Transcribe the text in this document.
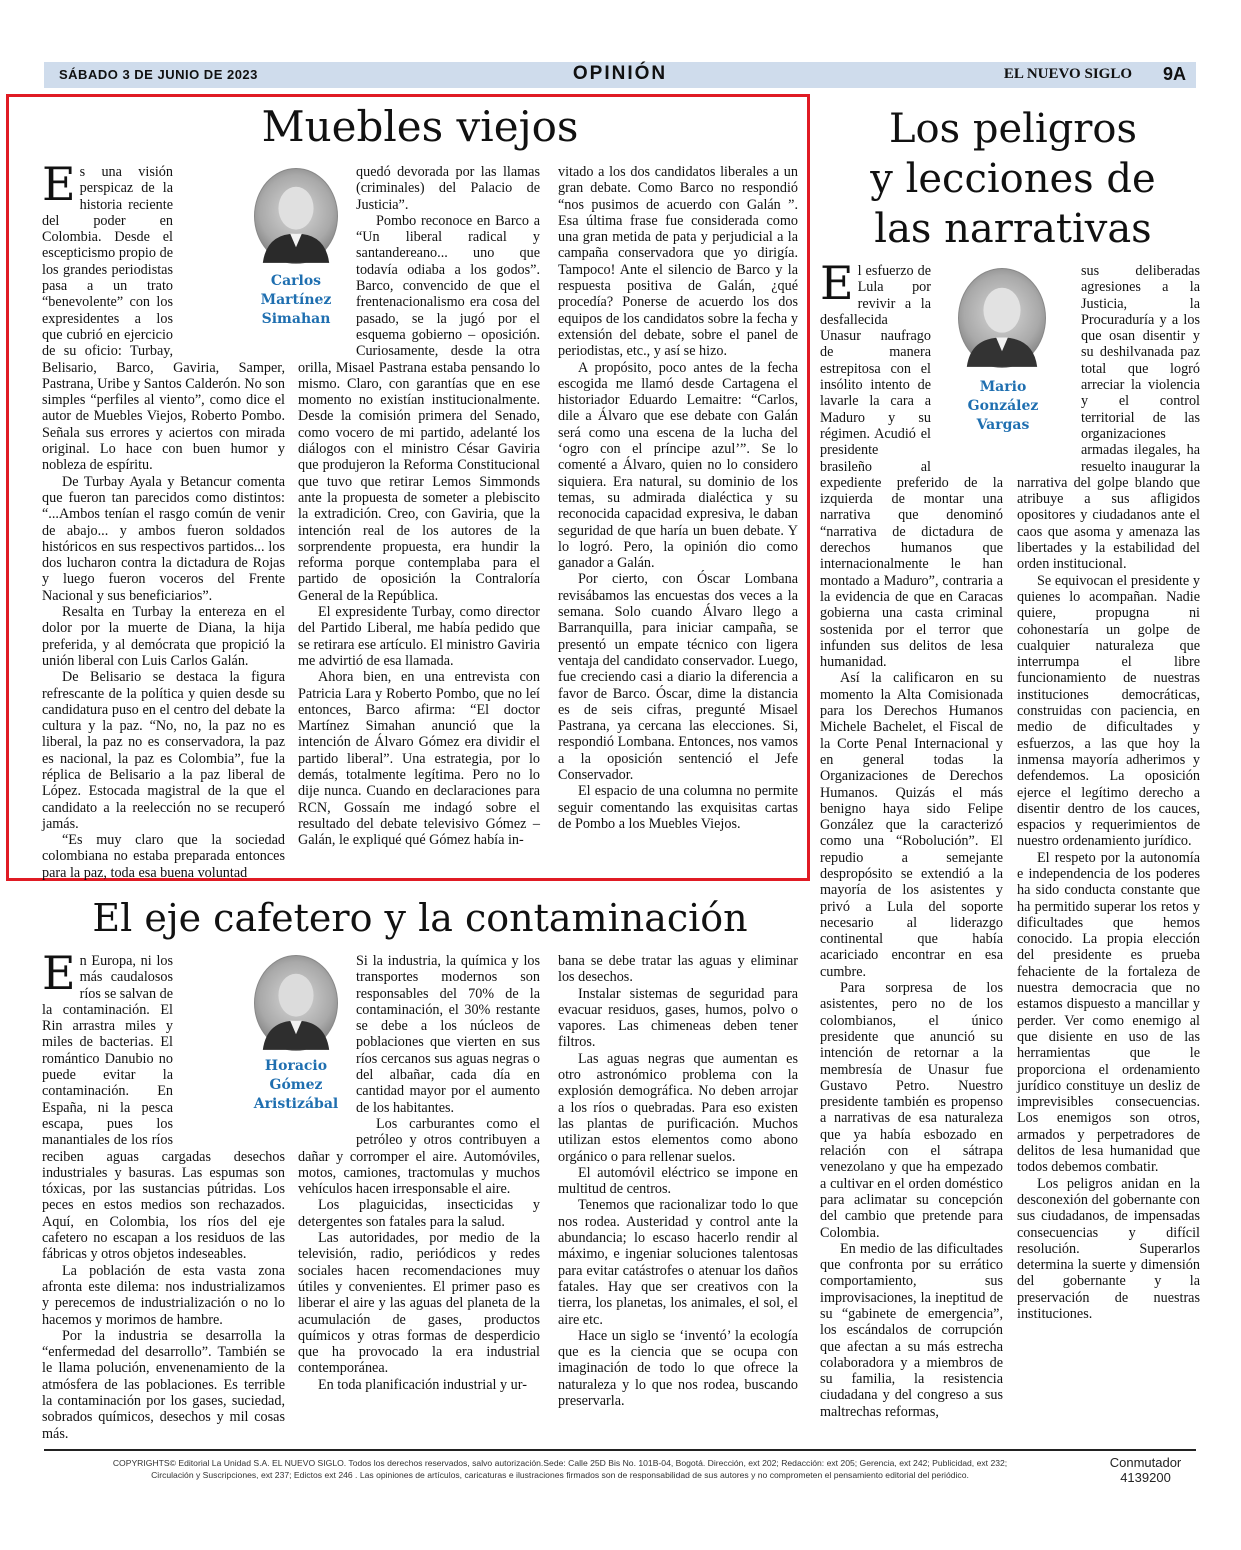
SÁBADO 3 DE JUNIO DE 2023	OPINIÓN	EL NUEVO SIGLO 9A
Muebles viejos
Carlos
Martínez
Simahan

Es una visión perspicaz de la historia reciente del poder en Colombia. Desde el escepticismo propio de los grandes periodistas pasa a un trato “benevolente” con los expresidentes a los que cubrió en ejercicio de su oficio: Turbay, Belisario, Barco, Gaviria, Samper, Pastrana, Uribe y Santos Calderón. No son simples “perfiles al viento”, como dice el autor de Muebles Viejos, Roberto Pombo. Señala sus errores y aciertos con mirada original. Lo hace con buen humor y nobleza de espíritu.

De Turbay Ayala y Betancur comenta que fueron tan parecidos como distintos: “...Ambos tenían el rasgo común de venir de abajo... y ambos fueron soldados históricos en sus respectivos partidos... los dos lucharon contra la dictadura de Rojas y luego fueron voceros del Frente Nacional y sus beneficiarios”.

Resalta en Turbay la entereza en el dolor por la muerte de Diana, la hija preferida, y al demócrata que propició la unión liberal con Luis Carlos Galán.

De Belisario se destaca la figura refrescante de la política y quien desde su candidatura puso en el centro del debate la cultura y la paz. “No, no, la paz no es liberal, la paz no es conservadora, la paz es nacional, la paz es Colombia”, fue la réplica de Belisario a la paz liberal de López. Estocada magistral de la que el candidato a la reelección no se recuperó jamás.

“Es muy claro que la sociedad colombiana no estaba preparada entonces para la paz, toda esa buena voluntad

quedó devorada por las llamas (criminales) del Palacio de Justicia”.

Pombo reconoce en Barco a “Un liberal radical y santandereano... uno que todavía odiaba a los godos”. Barco, convencido de que el frentenacionalismo era cosa del pasado, se la jugó por el esquema gobierno – oposición. Curiosamente, desde la otra orilla, Misael Pastrana estaba pensando lo mismo. Claro, con garantías que en ese momento no existían institucionalmente. Desde la comisión primera del Senado, como vocero de mi partido, adelanté los diálogos con el ministro César Gaviria que produjeron la Reforma Constitucional que tuvo que retirar Lemos Simmonds ante la propuesta de someter a plebiscito la extradición. Creo, con Gaviria, que la intención real de los autores de la sorprendente propuesta, era hundir la reforma porque contemplaba para el partido de oposición la Contraloría General de la República.

El expresidente Turbay, como director del Partido Liberal, me había pedido que se retirara ese artículo. El ministro Gaviria me advirtió de esa llamada.

Ahora bien, en una entrevista con Patricia Lara y Roberto Pombo, que no leí entonces, Barco afirma: “El doctor Martínez Simahan anunció que la intención de Álvaro Gómez era dividir el partido liberal”. Una estrategia, por lo demás, totalmente legítima. Pero no lo dije nunca. Cuando en declaraciones para RCN, Gossaín me indagó sobre el resultado del debate televisivo Gómez – Galán, le expliqué qué Gómez había in-

vitado a los dos candidatos liberales a un gran debate. Como Barco no respondió “nos pusimos de acuerdo con Galán ”. Esa última frase fue considerada como una gran metida de pata y perjudicial a la campaña conservadora que yo dirigía. Tampoco! Ante el silencio de Barco y la respuesta positiva de Galán, ¿qué procedía? Ponerse de acuerdo los dos equipos de los candidatos sobre la fecha y extensión del debate, sobre el panel de periodistas, etc., y así se hizo.

A propósito, poco antes de la fecha escogida me llamó desde Cartagena el historiador Eduardo Lemaitre: “Carlos, dile a Álvaro que ese debate con Galán será como una escena de la lucha del ‘ogro con el príncipe azul’”. Se lo comenté a Álvaro, quien no lo considero siquiera. Era natural, su dominio de los temas, su admirada dialéctica y su reconocida capacidad expresiva, le daban seguridad de que haría un buen debate. Y lo logró. Pero, la opinión dio como ganador a Galán.

Por cierto, con Óscar Lombana revisábamos las encuestas dos veces a la semana. Solo cuando Álvaro llego a Barranquilla, para iniciar campaña, se presentó un empate técnico con ligera ventaja del candidato conservador. Luego, fue creciendo casi a diario la diferencia a favor de Barco. Óscar, dime la distancia es de seis cifras, pregunté Misael Pastrana, ya cercana las elecciones. Si, respondió Lombana. Entonces, nos vamos a la oposición sentenció el Jefe Conservador.

El espacio de una columna no permite seguir comentando las exquisitas cartas de Pombo a los Muebles Viejos.

Los peligros
y lecciones de
las narrativas
Mario
González
Vargas

El esfuerzo de Lula por revivir a la desfallecida Unasur naufrago de manera estrepitosa con el insólito intento de lavarle la cara a Maduro y su régimen. Acudió el presidente brasileño al expediente preferido de la izquierda de montar una narrativa que denominó “narrativa de dictadura de derechos humanos que internacionalmente le han montado a Maduro”, contraria a la evidencia de que en Caracas gobierna una casta criminal sostenida por el terror que infunden sus delitos de lesa humanidad.

Así la calificaron en su momento la Alta Comisionada para los Derechos Humanos Michele Bachelet, el Fiscal de la Corte Penal Internacional y en general todas la Organizaciones de Derechos Humanos. Quizás el más benigno haya sido Felipe González que la caracterizó como una “Robolución”. El repudio a semejante despropósito se extendió a la mayoría de los asistentes y privó a Lula del soporte necesario al liderazgo continental que había acariciado encontrar en esa cumbre.

Para sorpresa de los asistentes, pero no de los colombianos, el único presidente que anunció su intención de retornar a la membresía de Unasur fue Gustavo Petro. Nuestro presidente también es propenso a narrativas de esa naturaleza que ya había esbozado en relación con el sátrapa venezolano y que ha empezado a cultivar en el orden doméstico para aclimatar su concepción del cambio que pretende para Colombia.

En medio de las dificultades que confronta por su errático comportamiento, sus improvisaciones, la ineptitud de su “gabinete de emergencia”, los escándalos de corrupción que afectan a su más estrecha colaboradora y a miembros de su familia, la resistencia ciudadana y del congreso a sus maltrechas reformas,

sus deliberadas agresiones a la Justicia, la Procuraduría y a los que osan disentir y su deshilvanada paz total que logró arreciar la violencia y el control territorial de las organizaciones armadas ilegales, ha resuelto inaugurar la narrativa del golpe blando que atribuye a sus afligidos opositores y ciudadanos ante el caos que asoma y amenaza las libertades y la estabilidad del orden institucional.

Se equivocan el presidente y quienes lo acompañan. Nadie quiere, propugna ni cohonestaría un golpe de cualquier naturaleza que interrumpa el libre funcionamiento de nuestras instituciones democráticas, construidas con paciencia, en medio de dificultades y esfuerzos, a las que hoy la inmensa mayoría adherimos y defendemos. La oposición ejerce el legítimo derecho a disentir dentro de los cauces, espacios y requerimientos de nuestro ordenamiento jurídico.

El respeto por la autonomía e independencia de los poderes ha sido conducta constante que ha permitido superar los retos y dificultades que hemos conocido. La propia elección del presidente es prueba fehaciente de la fortaleza de nuestra democracia que no estamos dispuesto a mancillar y perder. Ver como enemigo al que disiente en uso de las herramientas que le proporciona el ordenamiento jurídico constituye un desliz de imprevisibles consecuencias. Los enemigos son otros, armados y perpetradores de delitos de lesa humanidad que todos debemos combatir.

Los peligros anidan en la desconexión del gobernante con sus ciudadanos, de impensadas consecuencias y difícil resolución. Superarlos determina la suerte y dimensión del gobernante y la preservación de nuestras instituciones.

El eje cafetero y la contaminación
Horacio
Gómez
Aristizábal

En Europa, ni los más caudalosos ríos se salvan de la contaminación. El Rin arrastra miles y miles de bacterias. El romántico Danubio no puede evitar la contaminación. En España, ni la pesca escapa, pues los manantiales de los ríos reciben aguas cargadas desechos industriales y basuras. Las espumas son tóxicas, por las sustancias pútridas. Los peces en estos medios son rechazados. Aquí, en Colombia, los ríos del eje cafetero no escapan a los residuos de las fábricas y otros objetos indeseables.

La población de esta vasta zona afronta este dilema: nos industrializamos y perecemos de industrialización o no lo hacemos y morimos de hambre.

Por la industria se desarrolla la “enfermedad del desarrollo”. También se le llama polución, envenenamiento de la atmósfera de las poblaciones. Es terrible la contaminación por los gases, suciedad, sobrados químicos, desechos y mil cosas más.

Si la industria, la química y los transportes modernos son responsables del 70% de la contaminación, el 30% restante se debe a los núcleos de poblaciones que vierten en sus ríos cercanos sus aguas negras o del albañar, cada día en cantidad mayor por el aumento de los habitantes.

Los carburantes como el petróleo y otros contribuyen a dañar y corromper el aire. Automóviles, motos, camiones, tractomulas y muchos vehículos hacen irresponsable el aire.

Los plaguicidas, insecticidas y detergentes son fatales para la salud.

Las autoridades, por medio de la televisión, radio, periódicos y redes sociales hacen recomendaciones muy útiles y convenientes. El primer paso es liberar el aire y las aguas del planeta de la acumulación de gases, productos químicos y otras formas de desperdicio que ha provocado la era industrial contemporánea.

En toda planificación industrial y ur-

bana se debe tratar las aguas y eliminar los desechos.

Instalar sistemas de seguridad para evacuar residuos, gases, humos, polvo o vapores. Las chimeneas deben tener filtros.

Las aguas negras que aumentan es otro astronómico problema con la explosión demográfica. No deben arrojar a los ríos o quebradas. Para eso existen las plantas de purificación. Muchos utilizan estos elementos como abono orgánico o para rellenar suelos.

El automóvil eléctrico se impone en multitud de centros.

Tenemos que racionalizar todo lo que nos rodea. Austeridad y control ante la abundancia; lo escaso hacerlo rendir al máximo, e ingeniar soluciones talentosas para evitar catástrofes o atenuar los daños fatales. Hay que ser creativos con la tierra, los planetas, los animales, el sol, el aire etc.

Hace un siglo se ‘inventó’ la ecología que es la ciencia que se ocupa con imaginación de todo lo que ofrece la naturaleza y lo que nos rodea, buscando preservarla.

COPYRIGHTS© Editorial La Unidad S.A. EL NUEVO SIGLO. Todos los derechos reservados, salvo autorización.Sede: Calle 25D Bis No. 101B-04, Bogotá. Dirección, ext 202; Redacción: ext 205; Gerencia, ext 242; Publicidad, ext 232;
Circulación y Suscripciones, ext 237; Edictos ext 246 . Las opiniones de artículos, caricaturas e ilustraciones firmados son de responsabilidad de sus autores y no comprometen el pensamiento editorial del periódico.
Conmutador
4139200
